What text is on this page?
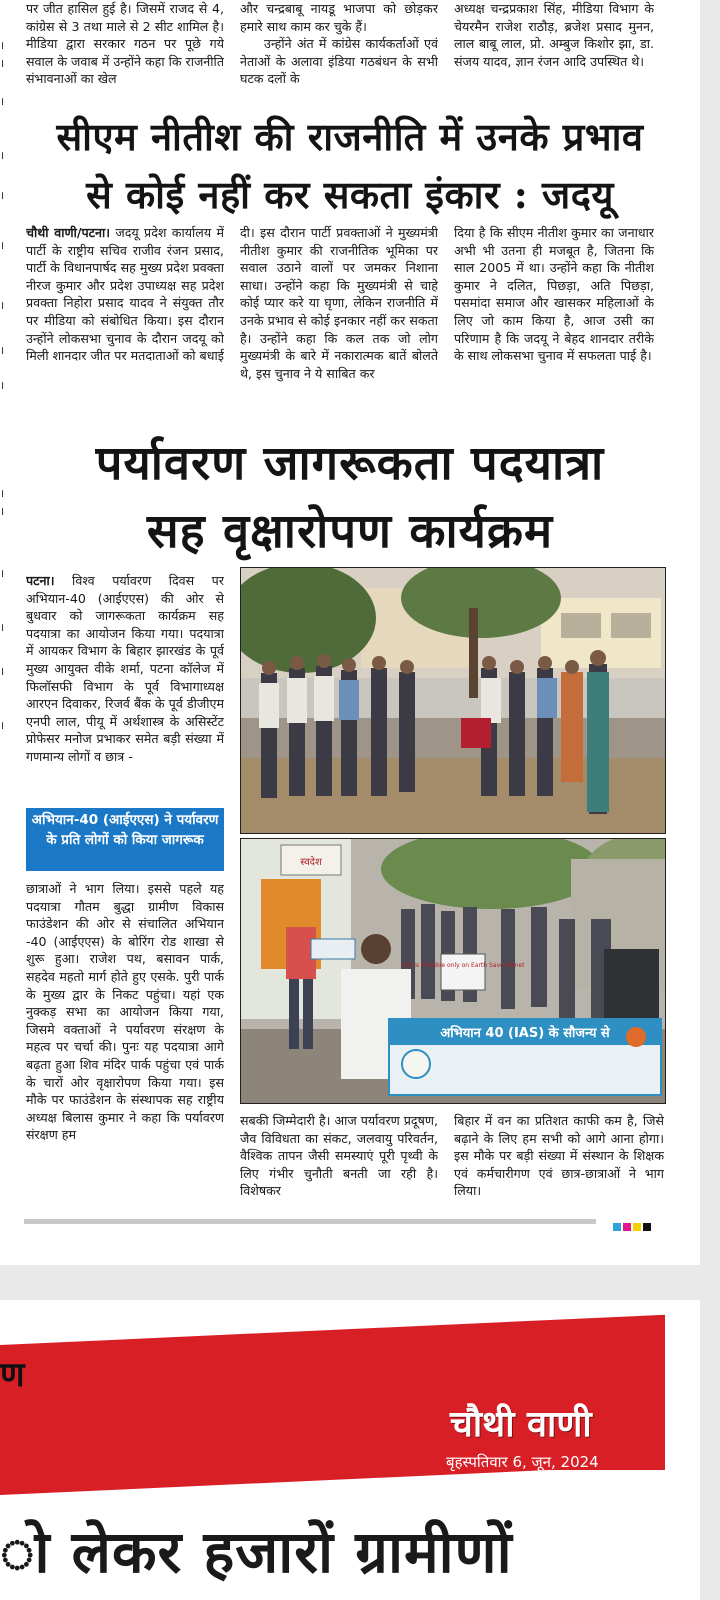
।
।
।
।
।
।
।
।
।
।
।
।
।
।
।

पर जीत हासिल हुई है। जिसमें राजद से 4, कांग्रेस से 3 तथा माले से 2 सीट शामिल है। मीडिया द्वारा सरकार गठन पर पूछे गये सवाल के जवाब में उन्होंने कहा कि राजनीति संभावनाओं का खेल

और चन्द्रबाबू नायडू भाजपा को छोड़कर हमारे साथ काम कर चुके हैं।

उन्होंने अंत में कांग्रेस कार्यकर्ताओं एवं नेताओं के अलावा इंडिया गठबंधन के सभी घटक दलों के

अध्यक्ष चन्द्रप्रकाश सिंह, मीडिया विभाग के चेयरमैन राजेश राठौड़, ब्रजेश प्रसाद मुनन, लाल बाबू लाल, प्रो. अम्बुज किशोर झा, डा. संजय यादव, ज्ञान रंजन आदि उपस्थित थे।

सीएम नीतीश की राजनीति में उनके प्रभाव
से कोई नहीं कर सकता इंकार : जदयू

चौथी वाणी/पटना। जदयू प्रदेश कार्यालय में पार्टी के राष्ट्रीय सचिव राजीव रंजन प्रसाद, पार्टी के विधानपार्षद सह मुख्य प्रदेश प्रवक्ता नीरज कुमार और प्रदेश उपाध्यक्ष सह प्रदेश प्रवक्ता निहोरा प्रसाद यादव ने संयुक्त तौर पर मीडिया को संबोधित किया। इस दौरान उन्होंने लोकसभा चुनाव के दौरान जदयू को मिली शानदार जीत पर मतदाताओं को बधाई

दी। इस दौरान पार्टी प्रवक्ताओं ने मुख्यमंत्री नीतीश कुमार की राजनीतिक भूमिका पर सवाल उठाने वालों पर जमकर निशाना साधा। उन्होंने कहा कि मुख्यमंत्री से चाहे कोई प्यार करे या घृणा, लेकिन राजनीति में उनके प्रभाव से कोई इनकार नहीं कर सकता है। उन्होंने कहा कि कल तक जो लोग मुख्यमंत्री के बारे में नकारात्मक बातें बोलते थे, इस चुनाव ने ये साबित कर

दिया है कि सीएम नीतीश कुमार का जनाधार अभी भी उतना ही मजबूत है, जितना कि साल 2005 में था। उन्होंने कहा कि नीतीश कुमार ने दलित, पिछड़ा, अति पिछड़ा, पसमांदा समाज और खासकर महिलाओं के लिए जो काम किया है, आज उसी का परिणाम है कि जदयू ने बेहद शानदार तरीके के साथ लोकसभा चुनाव में सफलता पाई है।

पर्यावरण जागरूकता पदयात्रा
सह वृक्षारोपण कार्यक्रम

पटना। विश्व पर्यावरण दिवस पर अभियान-40 (आईएएस) की ओर से बुधवार को जागरूकता कार्यक्रम सह पदयात्रा का आयोजन किया गया। पदयात्रा में आयकर विभाग के बिहार झारखंड के पूर्व मुख्य आयुक्त वीके शर्मा, पटना कॉलेज में फिलॉसफी विभाग के पूर्व विभागाध्यक्ष आरएन दिवाकर, रिजर्व बैंक के पूर्व डीजीएम एनपी लाल, पीयू में अर्थशास्त्र के असिस्टेंट प्रोफेसर मनोज प्रभाकर समेत बड़ी संख्या में गणमान्य लोगों व छात्र -

अभियान-40 (आईएएस) ने पर्यावरण के प्रति लोगों को किया जागरूक

छात्राओं ने भाग लिया। इससे पहले यह पदयात्रा गौतम बुद्धा ग्रामीण विकास फाउंडेशन की ओर से संचालित अभियान -40 (आईएएस) के बोरिंग रोड शाखा से शुरू हुआ। राजेश पथ, बसावन पार्क, सहदेव महतो मार्ग होते हुए एसके. पुरी पार्क के मुख्य द्वार के निकट पहुंचा। यहां एक नुक्कड़ सभा का आयोजन किया गया, जिसमे वक्ताओं ने पर्यावरण संरक्षण के महत्व पर चर्चा की। पुनः यह पदयात्रा आगे बढ़ता हुआ शिव मंदिर पार्क पहुंचा एवं पार्क के चारों ओर वृक्षारोपण किया गया। इस मौके पर फाउंडेशन के संस्थापक सह राष्ट्रीय अध्यक्ष बिलास कुमार ने कहा कि पर्यावरण संरक्षण हम

स्वदेश
Life is Possible only on Earth Save Planet
अभियान 40 (IAS) के सौजन्य से

सबकी जिम्मेदारी है। आज पर्यावरण प्रदूषण, जैव विविधता का संकट, जलवायु परिवर्तन, वैश्विक तापन जैसी समस्याएं पूरी पृथ्वी के लिए गंभीर चुनौती बनती जा रही है। विशेषकर

बिहार में वन का प्रतिशत काफी कम है, जिसे बढ़ाने के लिए हम सभी को आगे आना होगा। इस मौके पर बड़ी संख्या में संस्थान के शिक्षक एवं कर्मचारीगण एवं छात्र-छात्राओं ने भाग लिया।

ण
चौथी वाणी
बृहस्पतिवार 6, जून, 2024
ो लेकर हजारों ग्रामीणों
